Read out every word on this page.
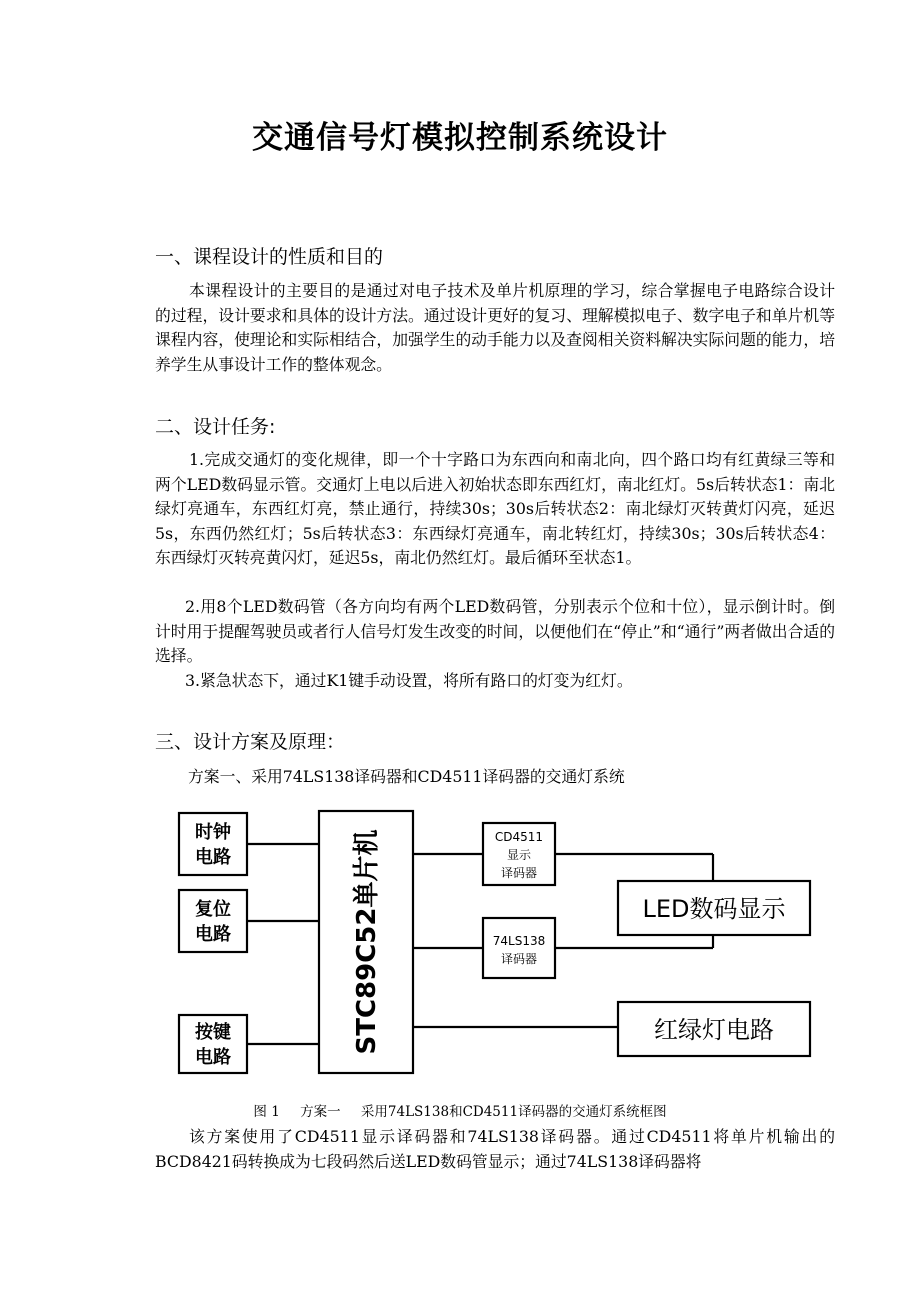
交通信号灯模拟控制系统设计
一、课程设计的性质和目的
本课程设计的主要目的是通过对电子技术及单片机原理的学习，综合掌握电子电路综合设计的过程，设计要求和具体的设计方法。通过设计更好的复习、理解模拟电子、数字电子和单片机等课程内容，使理论和实际相结合，加强学生的动手能力以及查阅相关资料解决实际问题的能力，培养学生从事设计工作的整体观念。
二、设计任务:
1.完成交通灯的变化规律，即一个十字路口为东西向和南北向，四个路口均有红黄绿三等和两个LED数码显示管。交通灯上电以后进入初始状态即东西红灯，南北红灯。5s后转状态1：南北绿灯亮通车，东西红灯亮，禁止通行，持续30s；30s后转状态2：南北绿灯灭转黄灯闪亮，延迟5s，东西仍然红灯；5s后转状态3：东西绿灯亮通车，南北转红灯，持续30s；30s后转状态4：东西绿灯灭转亮黄闪灯，延迟5s，南北仍然红灯。最后循环至状态1。
2.用8个LED数码管（各方向均有两个LED数码管，分别表示个位和十位），显示倒计时。倒计时用于提醒驾驶员或者行人信号灯发生改变的时间，以便他们在“停止”和“通行”两者做出合适的选择。
3.紧急状态下，通过K1键手动设置，将所有路口的灯变为红灯。
三、设计方案及原理：
方案一、采用74LS138译码器和CD4511译码器的交通灯系统
时钟
电路
复位
电路
按键
电路
STC89C52单片机	CD4511
显示
译码器
74LS138
译码器
LED数码显示
红绿灯电路
图 1 方案一 采用74LS138和CD4511译码器的交通灯系统框图
该方案使用了CD4511显示译码器和74LS138译码器。通过CD4511将单片机输出的BCD8421码转换成为七段码然后送LED数码管显示；通过74LS138译码器将
